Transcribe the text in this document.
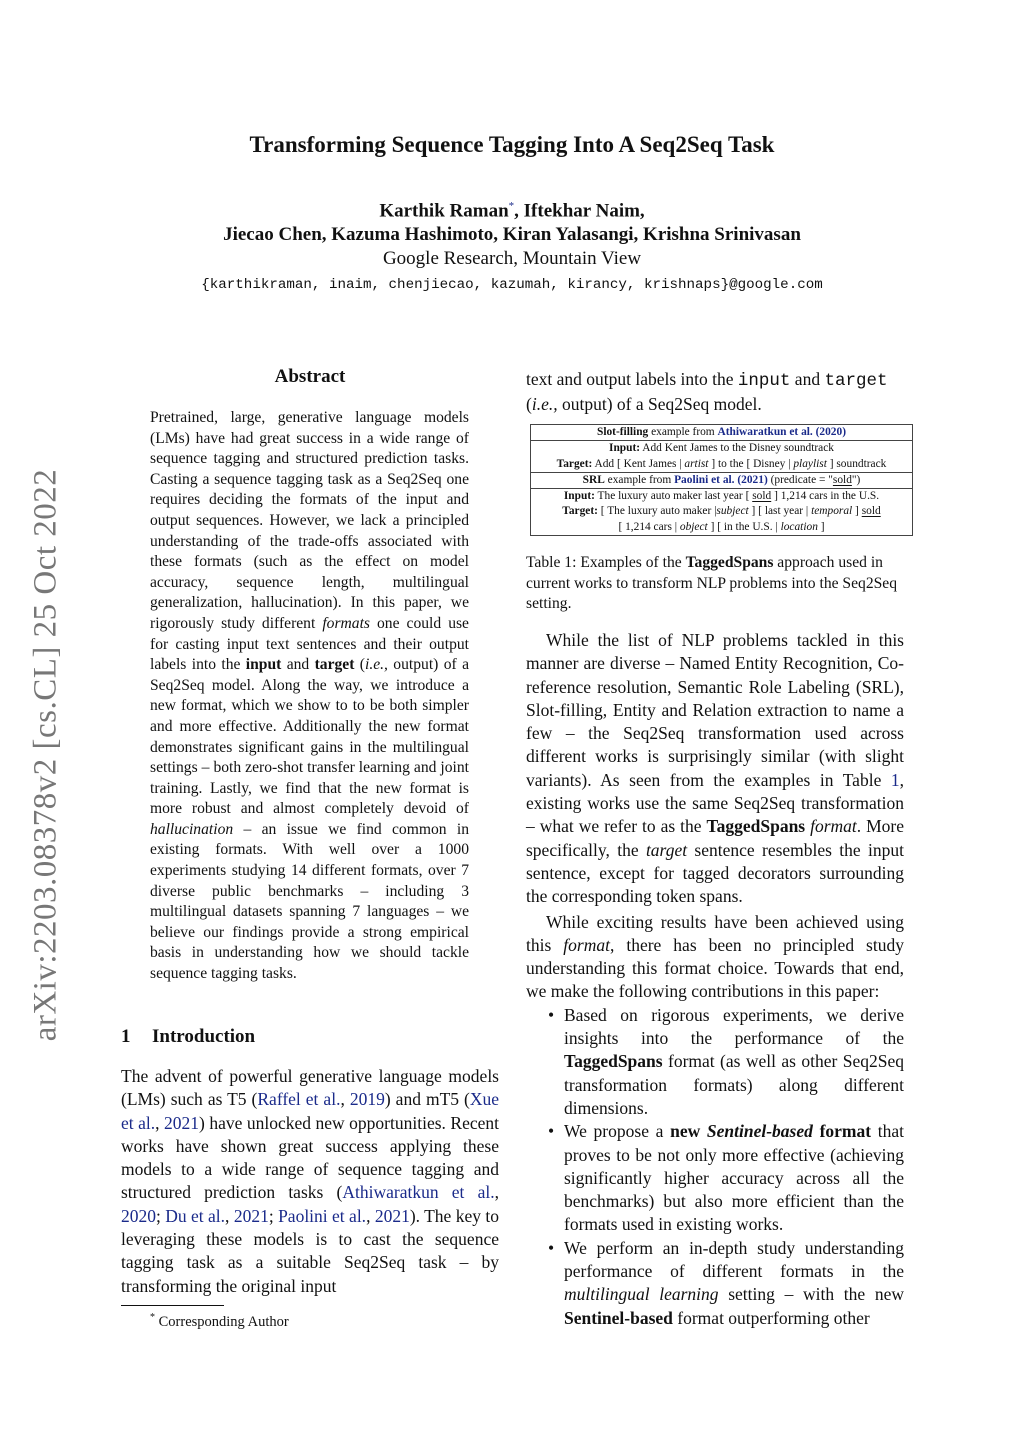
arXiv:2203.08378v2 [cs.CL] 25 Oct 2022
Transforming Sequence Tagging Into A Seq2Seq Task
Karthik Raman*, Iftekhar Naim,
Jiecao Chen, Kazuma Hashimoto, Kiran Yalasangi, Krishna Srinivasan
Google Research, Mountain View
{karthikraman, inaim, chenjiecao, kazumah, kirancy, krishnaps}@google.com
Abstract
Pretrained, large, generative language models (LMs) have had great success in a wide range of sequence tagging and structured prediction tasks. Casting a sequence tagging task as a Seq2Seq one requires deciding the formats of the input and output sequences. However, we lack a principled understanding of the trade-offs associated with these formats (such as the effect on model accuracy, sequence length, multilingual generalization, hallucination). In this paper, we rigorously study different formats one could use for casting input text sentences and their output labels into the input and target (i.e., output) of a Seq2Seq model. Along the way, we introduce a new format, which we show to to be both simpler and more effective. Additionally the new format demonstrates significant gains in the multilingual settings – both zero-shot transfer learning and joint training. Lastly, we find that the new format is more robust and almost completely devoid of hallucination – an issue we find common in existing formats. With well over a 1000 experiments studying 14 different formats, over 7 diverse public benchmarks – including 3 multilingual datasets spanning 7 languages – we believe our findings provide a strong empirical basis in understanding how we should tackle sequence tagging tasks.
1 Introduction

The advent of powerful generative language models (LMs) such as T5 (Raffel et al., 2019) and mT5 (Xue et al., 2021) have unlocked new opportunities. Recent works have shown great success applying these models to a wide range of sequence tagging and structured prediction tasks (Athiwaratkun et al., 2020; Du et al., 2021; Paolini et al., 2021). The key to leveraging these models is to cast the sequence tagging task as a suitable Seq2Seq task – by transforming the original input

* Corresponding Author

text and output labels into the input and target
(i.e., output) of a Seq2Seq model.

Slot-filling example from Athiwaratkun et al. (2020)
Input: Add Kent James to the Disney soundtrack
Target: Add [ Kent James | artist ] to the [ Disney | playlist ] soundtrack
SRL example from Paolini et al. (2021) (predicate = "sold")
Input: The luxury auto maker last year [ sold ] 1,214 cars in the U.S.
Target: [ The luxury auto maker |subject ] [ last year | temporal ] sold
[ 1,214 cars | object ] [ in the U.S. | location ]
Table 1: Examples of the TaggedSpans approach used in current works to transform NLP problems into the Seq2Seq setting.

While the list of NLP problems tackled in this manner are diverse – Named Entity Recognition, Co-reference resolution, Semantic Role Labeling (SRL), Slot-filling, Entity and Relation extraction to name a few – the Seq2Seq transformation used across different works is surprisingly similar (with slight variants). As seen from the examples in Table 1, existing works use the same Seq2Seq transformation – what we refer to as the TaggedSpans format. More specifically, the target sentence resembles the input sentence, except for tagged decorators surrounding the corresponding token spans.

While exciting results have been achieved using this format, there has been no principled study understanding this format choice. Towards that end, we make the following contributions in this paper:

• Based on rigorous experiments, we derive insights into the performance of the TaggedSpans format (as well as other Seq2Seq transformation formats) along different dimensions.
• We propose a new Sentinel-based format that proves to be not only more effective (achieving significantly higher accuracy across all the benchmarks) but also more efficient than the formats used in existing works.
• We perform an in-depth study understanding performance of different formats in the multilingual learning setting – with the new Sentinel-based format outperforming other
